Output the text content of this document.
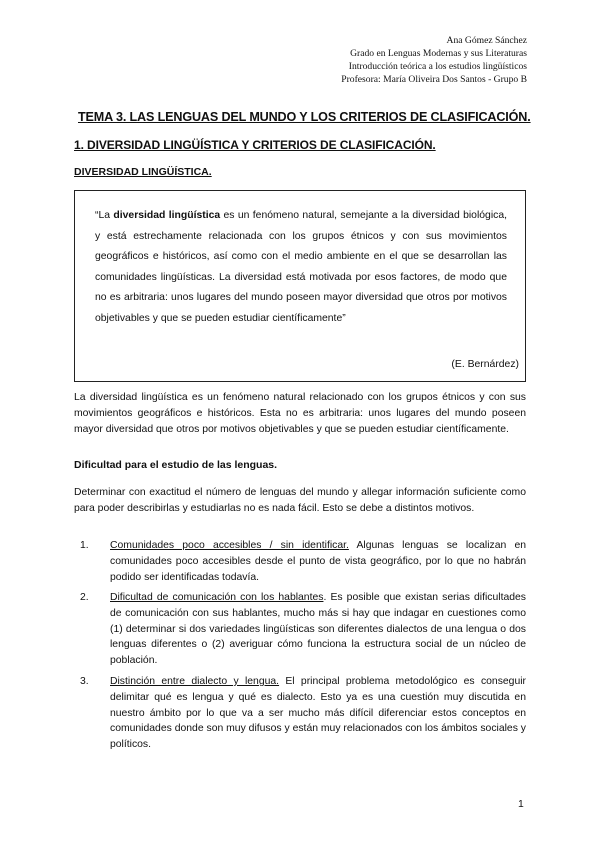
Ana Gómez Sánchez
Grado en Lenguas Modernas y sus Literaturas
Introducción teórica a los estudios lingüísticos
Profesora: María Oliveira Dos Santos - Grupo B
TEMA 3. LAS LENGUAS DEL MUNDO Y LOS CRITERIOS DE CLASIFICACIÓN.
1. DIVERSIDAD LINGÜÍSTICA Y CRITERIOS DE CLASIFICACIÓN.
DIVERSIDAD LINGÜÍSTICA.
“La diversidad lingüística es un fenómeno natural, semejante a la diversidad biológica, y está estrechamente relacionada con los grupos étnicos y con sus movimientos geográficos e históricos, así como con el medio ambiente en el que se desarrollan las comunidades lingüísticas. La diversidad está motivada por esos factores, de modo que no es arbitraria: unos lugares del mundo poseen mayor diversidad que otros por motivos objetivables y que se pueden estudiar científicamente”
(E. Bernárdez)
La diversidad lingüística es un fenómeno natural relacionado con los grupos étnicos y con sus movimientos geográficos e históricos. Esta no es arbitraria: unos lugares del mundo poseen mayor diversidad que otros por motivos objetivables y que se pueden estudiar científicamente.
Dificultad para el estudio de las lenguas.
Determinar con exactitud el número de lenguas del mundo y allegar información suficiente como para poder describirlas y estudiarlas no es nada fácil. Esto se debe a distintos motivos.
1.	Comunidades poco accesibles / sin identificar. Algunas lenguas se localizan en comunidades poco accesibles desde el punto de vista geográfico, por lo que no habrán podido ser identificadas todavía.
2.	Dificultad de comunicación con los hablantes. Es posible que existan serias dificultades de comunicación con sus hablantes, mucho más si hay que indagar en cuestiones como (1) determinar si dos variedades lingüísticas son diferentes dialectos de una lengua o dos lenguas diferentes o (2) averiguar cómo funciona la estructura social de un núcleo de población.
3.	Distinción entre dialecto y lengua. El principal problema metodológico es conseguir delimitar qué es lengua y qué es dialecto. Esto ya es una cuestión muy discutida en nuestro ámbito por lo que va a ser mucho más difícil diferenciar estos conceptos en comunidades donde son muy difusos y están muy relacionados con los ámbitos sociales y políticos.
1
